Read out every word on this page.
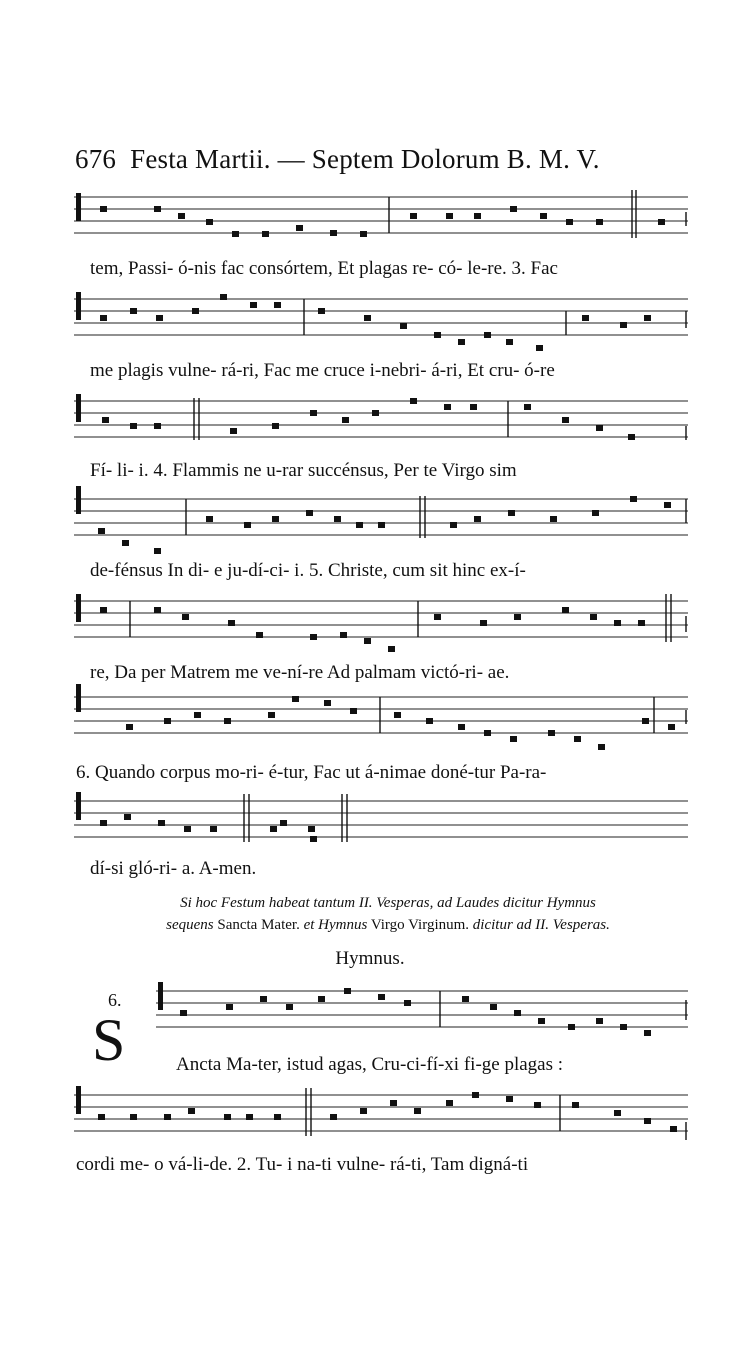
676 Festa Martii. — Septem Dolorum B. M. V.
tem, Passi- ó-nis fac consórtem, Et plagas re- có- le-re. 3. Fac
me plagis vulne- rá-ri, Fac me cruce i-nebri- á-ri, Et cru- ó-re
Fí- li- i. 4. Flammis ne u-rar succénsus, Per te Virgo sim
de-fénsus In di- e ju-dí-ci- i. 5. Christe, cum sit hinc ex-í-
re, Da per Matrem me ve-ní-re Ad palmam victó-ri- ae.
6. Quando corpus mo-ri- é-tur, Fac ut á-nimae doné-tur Pa-ra-
dí-si gló-ri- a. A-men.
Si hoc Festum habeat tantum II. Vesperas, ad Laudes dicitur Hymnus
sequens Sancta Mater. et Hymnus Virgo Virginum. dicitur ad II. Vesperas.
Hymnus.
6.
S	Ancta Ma-ter, istud agas, Cru-ci-fí-xi fi-ge plagas :
cordi me- o vá-li-de. 2. Tu- i na-ti vulne- rá-ti, Tam digná-ti
